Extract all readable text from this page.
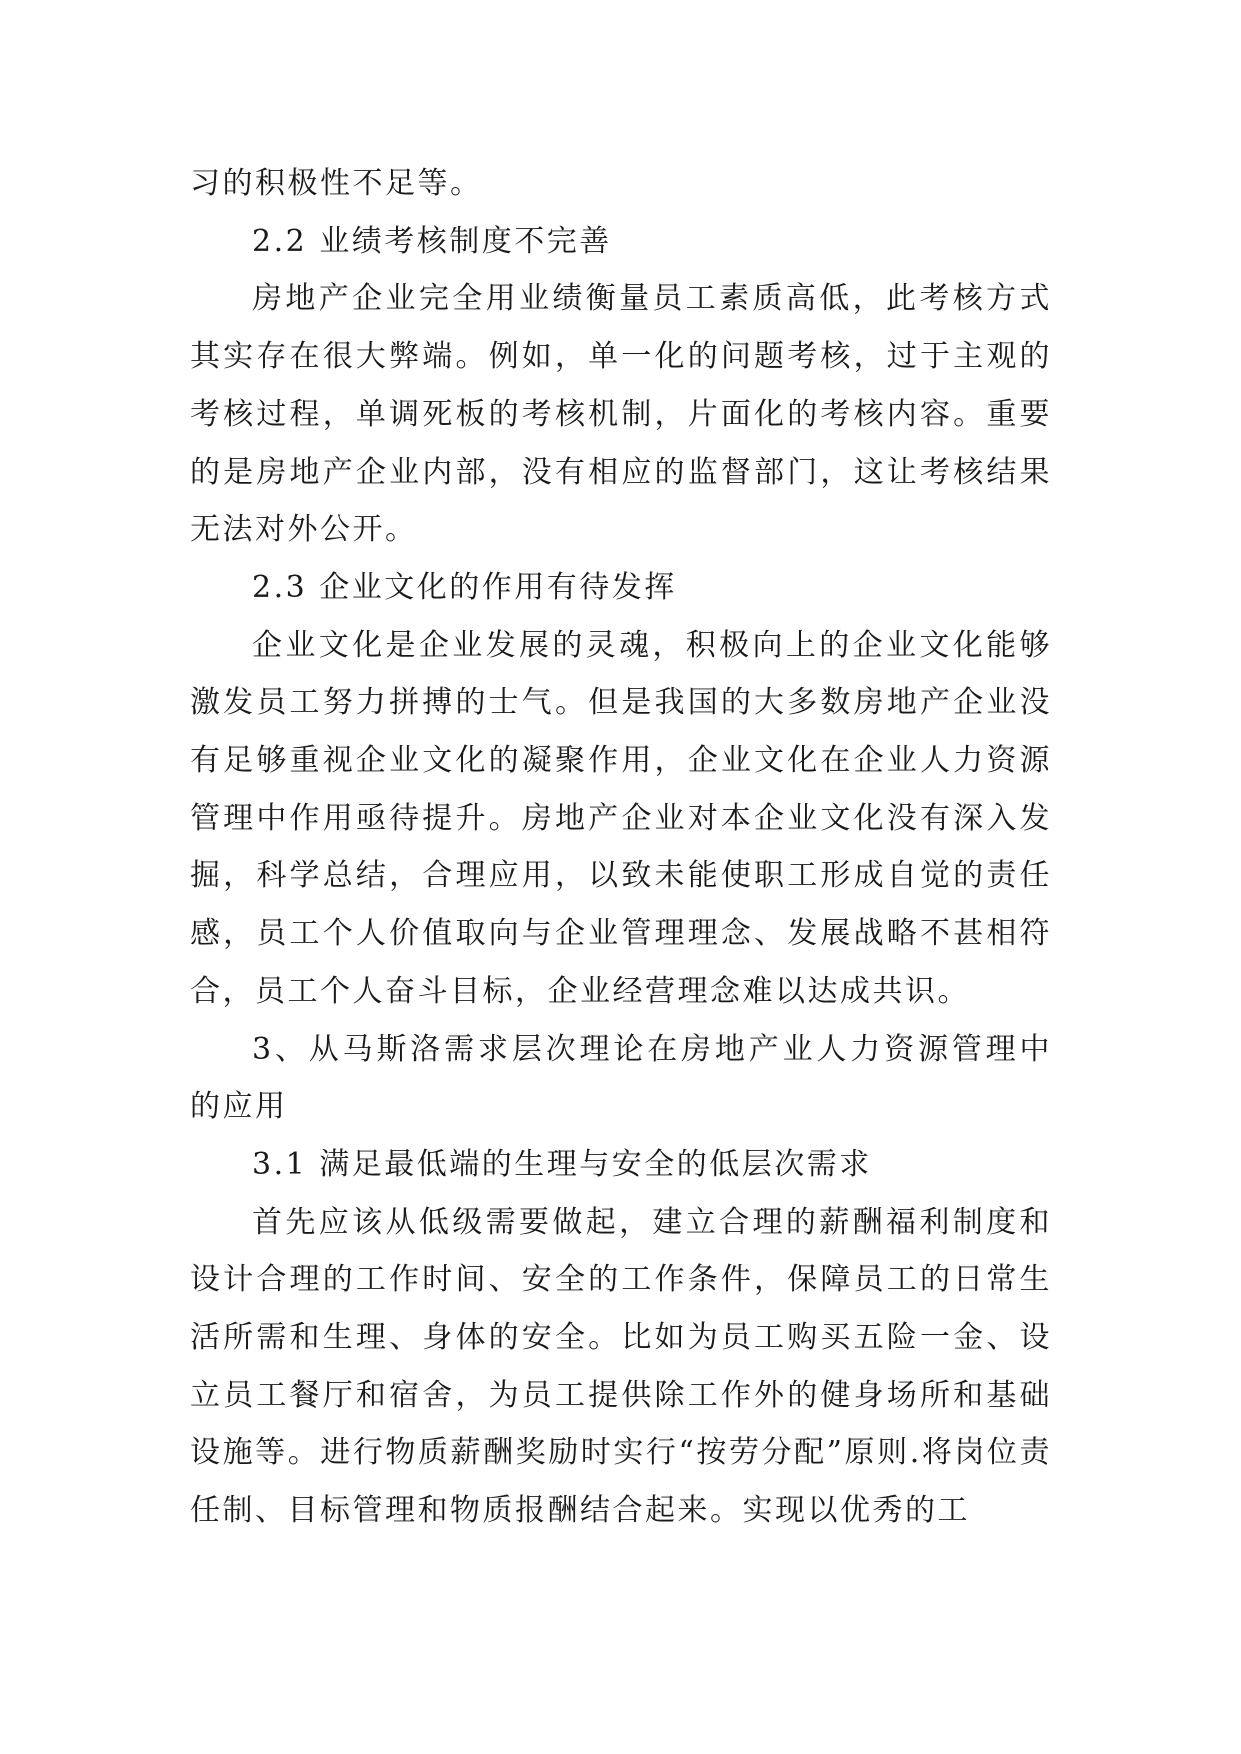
习的积极性不足等。

2.2 业绩考核制度不完善

房地产企业完全用业绩衡量员工素质高低，此考核方式其实存在很大弊端。例如，单一化的问题考核，过于主观的考核过程，单调死板的考核机制，片面化的考核内容。重要的是房地产企业内部，没有相应的监督部门，这让考核结果无法对外公开。

2.3 企业文化的作用有待发挥

企业文化是企业发展的灵魂，积极向上的企业文化能够激发员工努力拼搏的士气。但是我国的大多数房地产企业没有足够重视企业文化的凝聚作用，企业文化在企业人力资源管理中作用亟待提升。房地产企业对本企业文化没有深入发掘，科学总结，合理应用，以致未能使职工形成自觉的责任感，员工个人价值取向与企业管理理念、发展战略不甚相符合，员工个人奋斗目标，企业经营理念难以达成共识。

3、从马斯洛需求层次理论在房地产业人力资源管理中的应用

3.1 满足最低端的生理与安全的低层次需求

首先应该从低级需要做起，建立合理的薪酬福利制度和设计合理的工作时间、安全的工作条件，保障员工的日常生活所需和生理、身体的安全。比如为员工购买五险一金、设立员工餐厅和宿舍，为员工提供除工作外的健身场所和基础设施等。进行物质薪酬奖励时实行“按劳分配”原则.将岗位责任制、目标管理和物质报酬结合起来。实现以优秀的工
